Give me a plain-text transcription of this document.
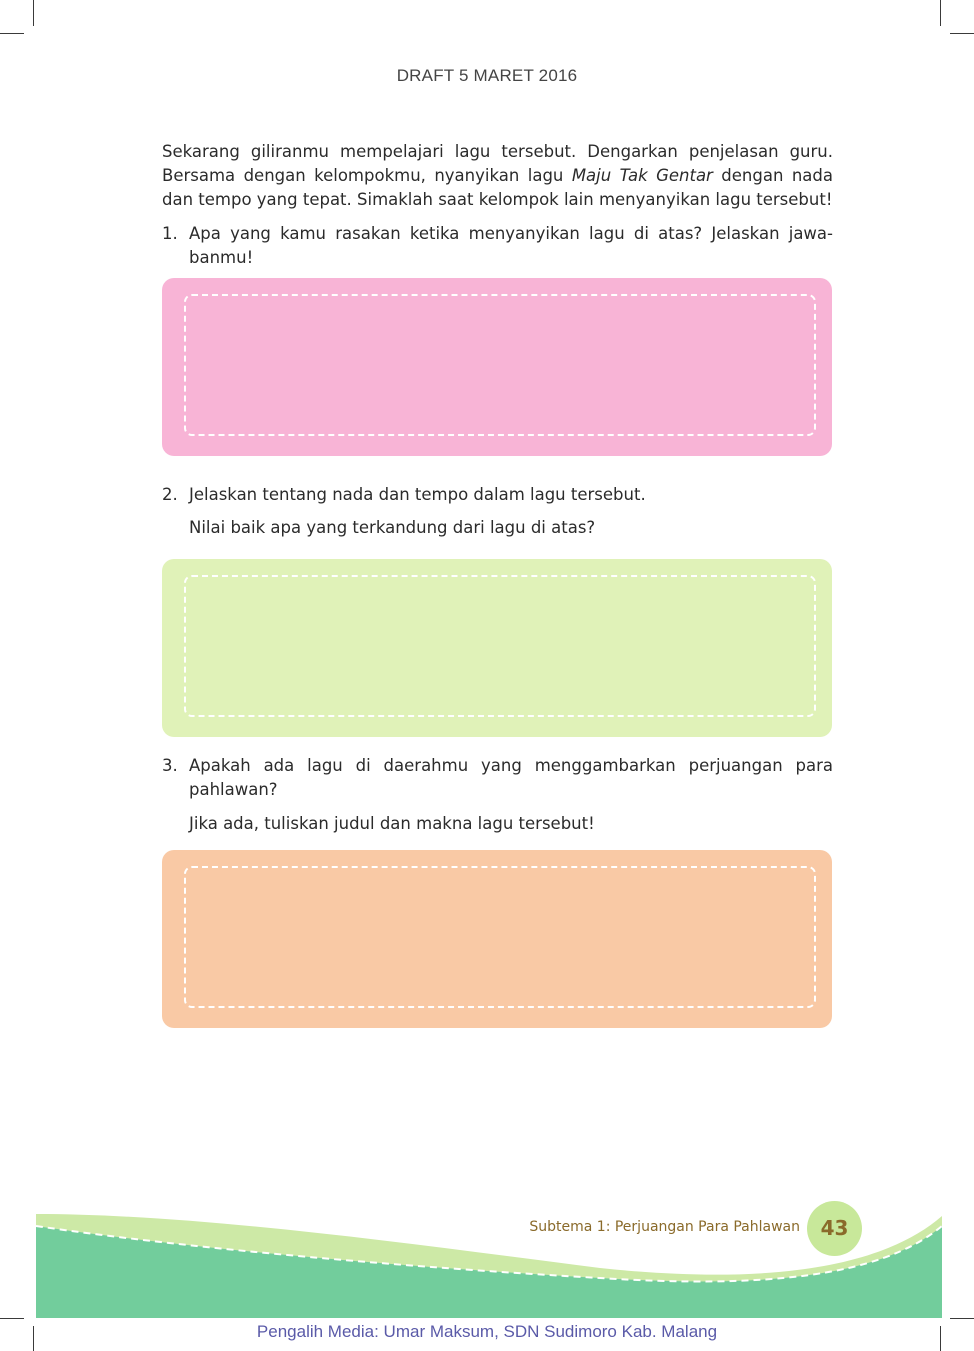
DRAFT 5 MARET 2016
Sekarang giliranmu mempelajari lagu tersebut. Dengarkan penjelasan guru. Bersama dengan kelompokmu, nyanyikan lagu Maju Tak Gentar dengan nada dan tempo yang tepat. Simaklah saat kelompok lain menyanyikan lagu tersebut!
1. Apa yang kamu rasakan ketika menyanyikan lagu di atas? Jelaskan jawa-banmu!
2. Jelaskan tentang nada dan tempo dalam lagu tersebut.
Nilai baik apa yang terkandung dari lagu di atas?
3. Apakah ada lagu di daerahmu yang menggambarkan perjuangan para pahlawan?
Jika ada, tuliskan judul dan makna lagu tersebut!
Subtema 1: Perjuangan Para Pahlawan	43
Pengalih Media: Umar Maksum, SDN Sudimoro Kab. Malang
